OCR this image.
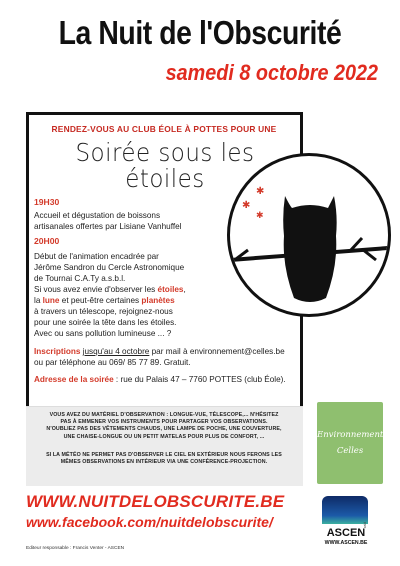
La Nuit de l'Obscurité
samedi 8 octobre 2022
✱
✱
✱
RENDEZ-VOUS AU CLUB ÉOLE À POTTES POUR UNE
Soirée sous les
étoiles
19H30
Accueil et dégustation de boissons
artisanales offertes par Lisiane Vanhuffel
20H00
Début de l'animation encadrée par
Jérôme Sandron du Cercle Astronomique
de Tournai C.A.Ty a.s.b.l.
Si vous avez envie d'observer les étoiles,
la lune et peut-être certaines planètes
à travers un télescope, rejoignez-nous
pour une soirée la tête dans les étoiles.
Avec ou sans pollution lumineuse ... ?
Inscriptions jusqu'au 4 octobre par mail à environnement@celles.be
ou par téléphone au 069/ 85 77 89. Gratuit.
Adresse de la soirée : rue du Palais 47 – 7760 POTTES (club Éole).
VOUS AVEZ DU MATÉRIEL D'OBSERVATION : LONGUE-VUE, TÉLESCOPE,... N'HÉSITEZ
PAS À EMMENER VOS INSTRUMENTS POUR PARTAGER VOS OBSERVATIONS.
N'OUBLIEZ PAS DES VÊTEMENTS CHAUDS, UNE LAMPE DE POCHE, UNE COUVERTURE,
UNE CHAISE-LONGUE OU UN PETIT MATELAS POUR PLUS DE CONFORT, ...
SI LA MÉTÉO NE PERMET PAS D'OBSERVER LE CIEL EN EXTÉRIEUR NOUS FERONS LES
MÊMES OBSERVATIONS EN INTÉRIEUR VIA UNE CONFÉRENCE-PROJECTION.
Environnement
Celles
WWW.NUITDELOBSCURITE.BE
www.facebook.com/nuitdelobscurite/
Editeur responsable : Francis Venter - ASCEN
asbl
ASCEN
WWW.ASCEN.BE
